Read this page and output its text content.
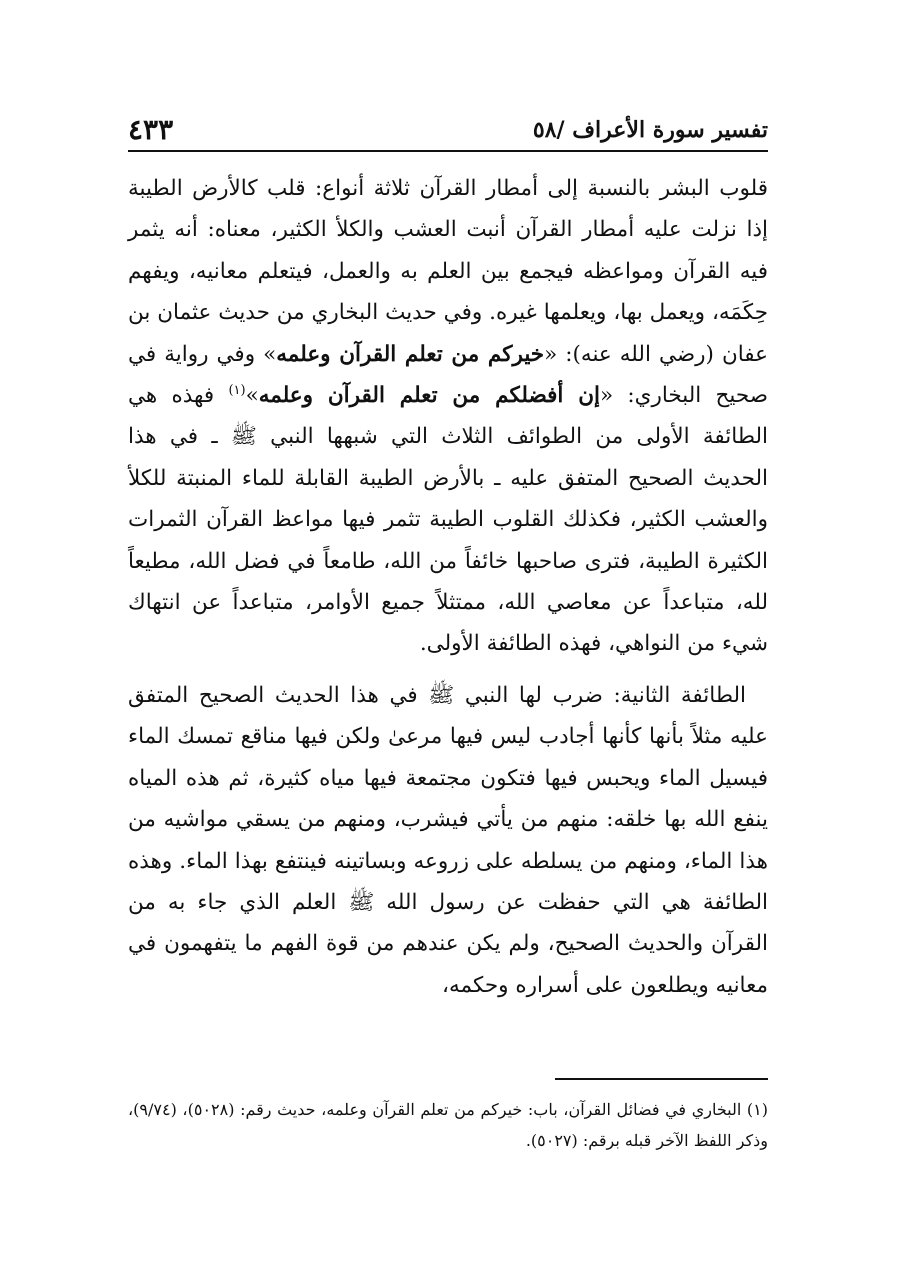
٤٣٣	تفسير سورة الأعراف /٥٨

قلوب البشر بالنسبة إلى أمطار القرآن ثلاثة أنواع: قلب كالأرض الطيبة إذا نزلت عليه أمطار القرآن أنبت العشب والكلأ الكثير، معناه: أنه يثمر فيه القرآن ومواعظه فيجمع بين العلم به والعمل، فيتعلم معانيه، ويفهم حِكَمَه، ويعمل بها، ويعلمها غيره. وفي حديث البخاري من حديث عثمان بن عفان (رضي الله عنه): «خيركم من تعلم القرآن وعلمه» وفي رواية في صحيح البخاري: «إن أفضلكم من تعلم القرآن وعلمه»$^{(١)}$ فهذه هي الطائفة الأولى من الطوائف الثلاث التي شبهها النبي ﷺ ـ في هذا الحديث الصحيح المتفق عليه ـ بالأرض الطيبة القابلة للماء المنبتة للكلأ والعشب الكثير، فكذلك القلوب الطيبة تثمر فيها مواعظ القرآن الثمرات الكثيرة الطيبة، فترى صاحبها خائفاً من الله، طامعاً في فضل الله، مطيعاً لله، متباعداً عن معاصي الله، ممتثلاً جميع الأوامر، متباعداً عن انتهاك شيء من النواهي، فهذه الطائفة الأولى.

الطائفة الثانية: ضرب لها النبي ﷺ في هذا الحديث الصحيح المتفق عليه مثلاً بأنها كأنها أجادب ليس فيها مرعىٰ ولكن فيها مناقع تمسك الماء فيسيل الماء ويحبس فيها فتكون مجتمعة فيها مياه كثيرة، ثم هذه المياه ينفع الله بها خلقه: منهم من يأتي فيشرب، ومنهم من يسقي مواشيه من هذا الماء، ومنهم من يسلطه على زروعه وبساتينه فينتفع بهذا الماء. وهذه الطائفة هي التي حفظت عن رسول الله ﷺ العلم الذي جاء به من القرآن والحديث الصحيح، ولم يكن عندهم من قوة الفهم ما يتفهمون في معانيه ويطلعون على أسراره وحكمه،

(١) البخاري في فضائل القرآن، باب: خيركم من تعلم القرآن وعلمه، حديث رقم: (٥٠٢٨)، (٩/٧٤)، وذكر اللفظ الآخر قبله برقم: (٥٠٢٧).
